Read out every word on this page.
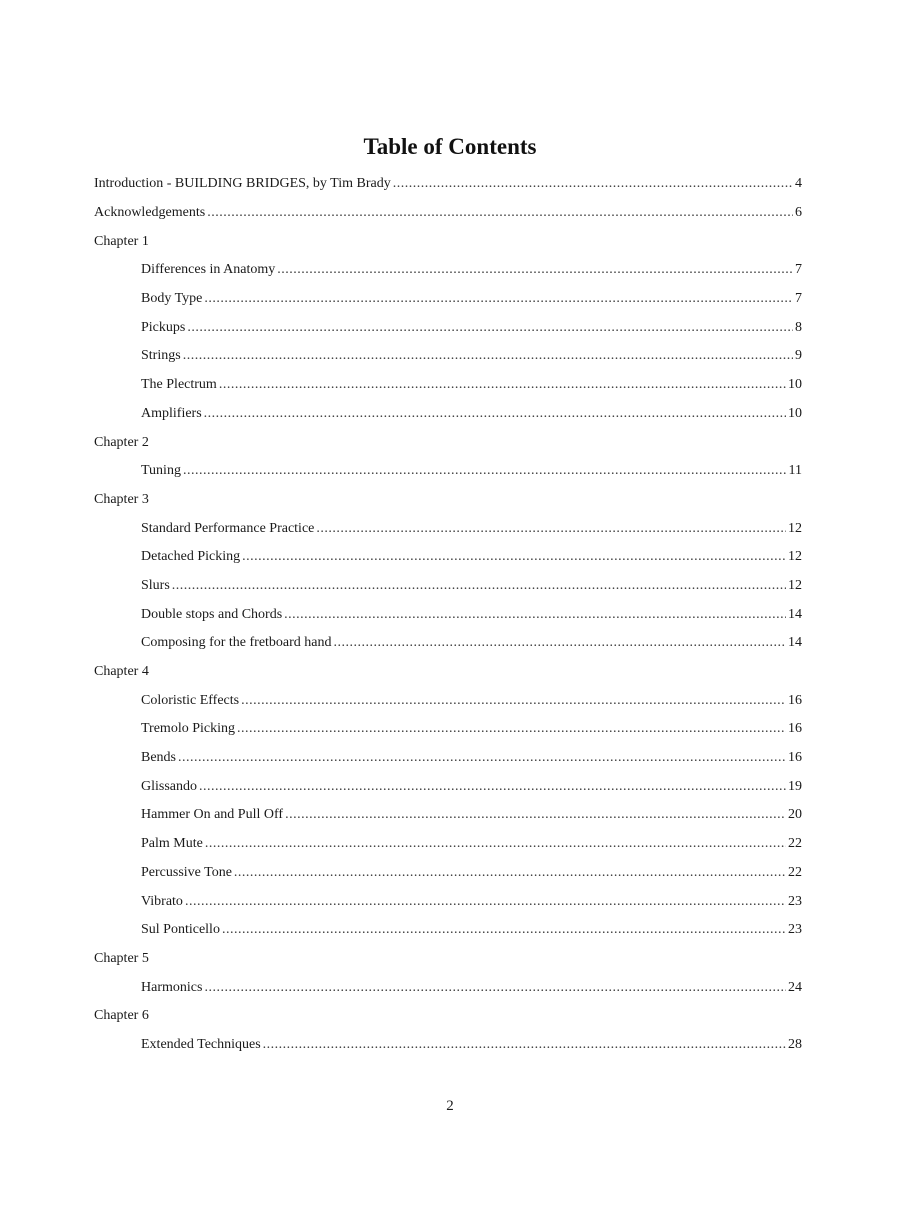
Table of Contents
Introduction - BUILDING BRIDGES, by Tim Brady .....	4
Acknowledgements .....	6
Chapter 1
Differences in Anatomy .....	7
Body Type .....	7
Pickups .....	8
Strings .....	9
The Plectrum .....	10
Amplifiers .....	10
Chapter 2
Tuning .....	11
Chapter 3
Standard Performance Practice .....	12
Detached Picking .....	12
Slurs .....	12
Double stops and Chords .....	14
Composing for the fretboard hand .....	14
Chapter 4
Coloristic Effects .....	16
Tremolo Picking .....	16
Bends .....	16
Glissando .....	19
Hammer On and Pull Off .....	20
Palm Mute .....	22
Percussive Tone .....	22
Vibrato .....	23
Sul Ponticello .....	23
Chapter 5
Harmonics .....	24
Chapter 6
Extended Techniques .....	28
2
